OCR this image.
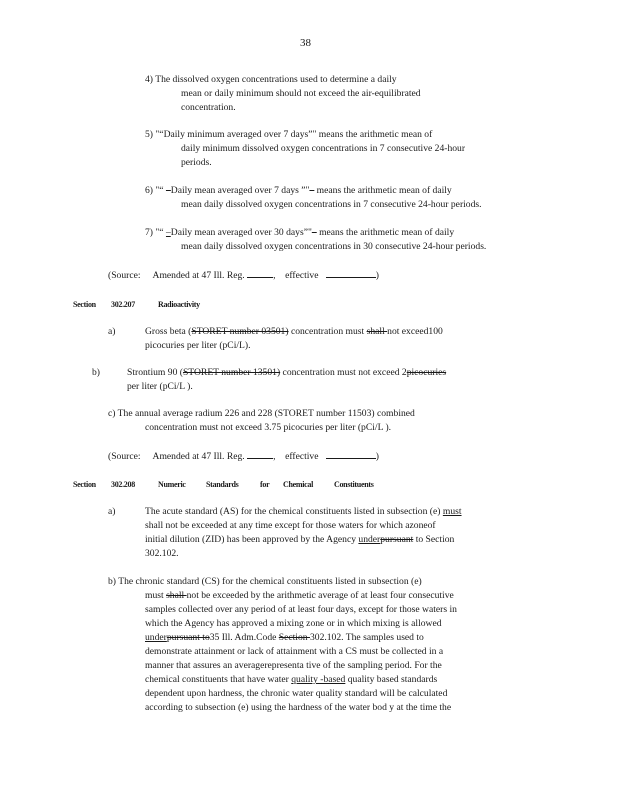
38
4) The dissolved oxygen concentrations used to determine a daily
mean or daily minimum should not exceed the air-equilibrated
concentration.
5) "“Daily minimum averaged over 7 days”" means the arithmetic mean of
daily minimum dissolved oxygen concentrations in 7 consecutive 24-hour
periods.
6) "“ –Daily mean averaged over 7 days ”"– means the arithmetic mean of daily
mean daily dissolved oxygen concentrations in 7 consecutive 24-hour periods.
7) "“ –Daily mean averaged over 30 days”"– means the arithmetic mean of daily
mean daily dissolved oxygen concentrations in 30 consecutive 24-hour periods.
(Source: Amended at 47 Ill. Reg.	, effective	)
Section 302.207	Radioactivity
a)	Gross beta (STORET number 03501) concentration must shall not exceed100
picocuries per liter (pCi/L).
b)	Strontium 90 (STORET number 13501) concentration must not exceed 2picocuries
per liter (pCi/L ).
c) The annual average radium 226 and 228 (STORET number 11503) combined
concentration must not exceed 3.75 picocuries per liter (pCi/L ).
(Source: Amended at 47 Ill. Reg.	, effective	)
Section 302.208	Numeric	Standards	for Chemical	Constituents
a)	The acute standard (AS) for the chemical constituents listed in subsection (e) must
shall not be exceeded at any time except for those waters for which azoneof
initial dilution (ZID) has been approved by the Agency underpursuant to Section
302.102.
b) The chronic standard (CS) for the chemical constituents listed in subsection (e)
must shall not be exceeded by the arithmetic average of at least four consecutive
samples collected over any period of at least four days, except for those waters in
which the Agency has approved a mixing zone or in which mixing is allowed
underpursuant to35 Ill. Adm.Code Section 302.102. The samples used to
demonstrate attainment or lack of attainment with a CS must be collected in a
manner that assures an averagerepresenta tive of the sampling period. For the
chemical constituents that have water quality -based quality based standards
dependent upon hardness, the chronic water quality standard will be calculated
according to subsection (e) using the hardness of the water bod y at the time the
